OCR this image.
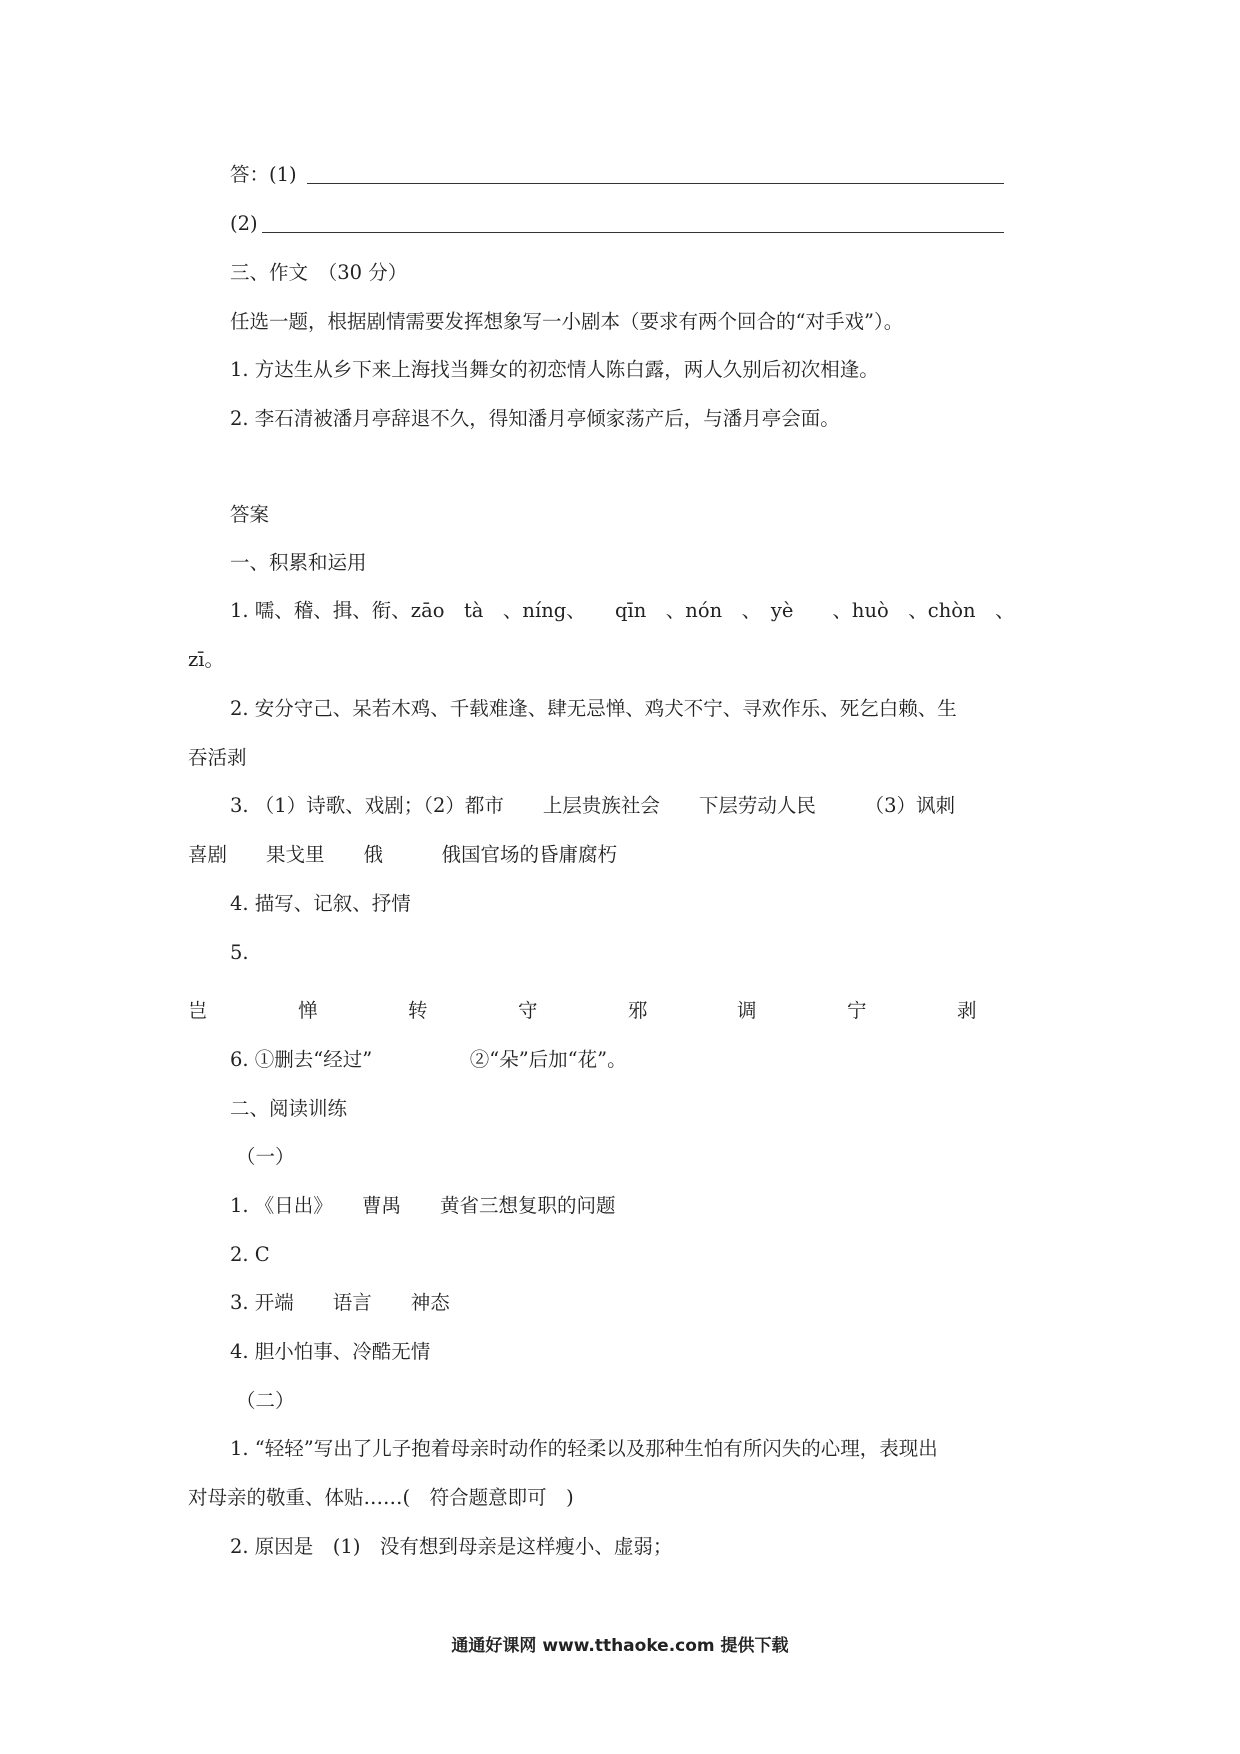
答：(1)
(2)
三、作文　（30 分）
任选一题，根据剧情需要发挥想象写一小剧本（要求有两个回合的“对手戏”）。
1. 方达生从乡下来上海找当舞女的初恋情人陈白露，两人久别后初次相逢。
2. 李石清被潘月亭辞退不久，得知潘月亭倾家荡产后，与潘月亭会面。
答案
一、积累和运用
1. 嚅、稽、揖、衔、zāo　tà　、níng、　　qīn　、nón　、　yè　　、huò　、chòn　、
zī。
2. 安分守己、呆若木鸡、千载难逢、肆无忌惮、鸡犬不宁、寻欢作乐、死乞白赖、生
吞活剥
3. （1）诗歌、戏剧；（2）都市　　上层贵族社会　　下层劳动人民　　　（3）讽刺
喜剧　　果戈里　　俄　　　俄国官场的昏庸腐朽
4. 描写、记叙、抒情
5.
岂	惮	转	守	邪	调	宁	剥
6. ①删去“经过”　　　　　②“朵”后加“花”。
二、阅读训练
（一）
1. 《日出》　　曹禺　　黄省三想复职的问题
2. C
3. 开端　　语言　　神态
4. 胆小怕事、冷酷无情
（二）
1. “轻轻”写出了儿子抱着母亲时动作的轻柔以及那种生怕有所闪失的心理，表现出
对母亲的敬重、体贴……(　符合题意即可　)
2. 原因是　(1)　没有想到母亲是这样瘦小、虚弱；
通通好课网 www.tthaoke.com 提供下载
